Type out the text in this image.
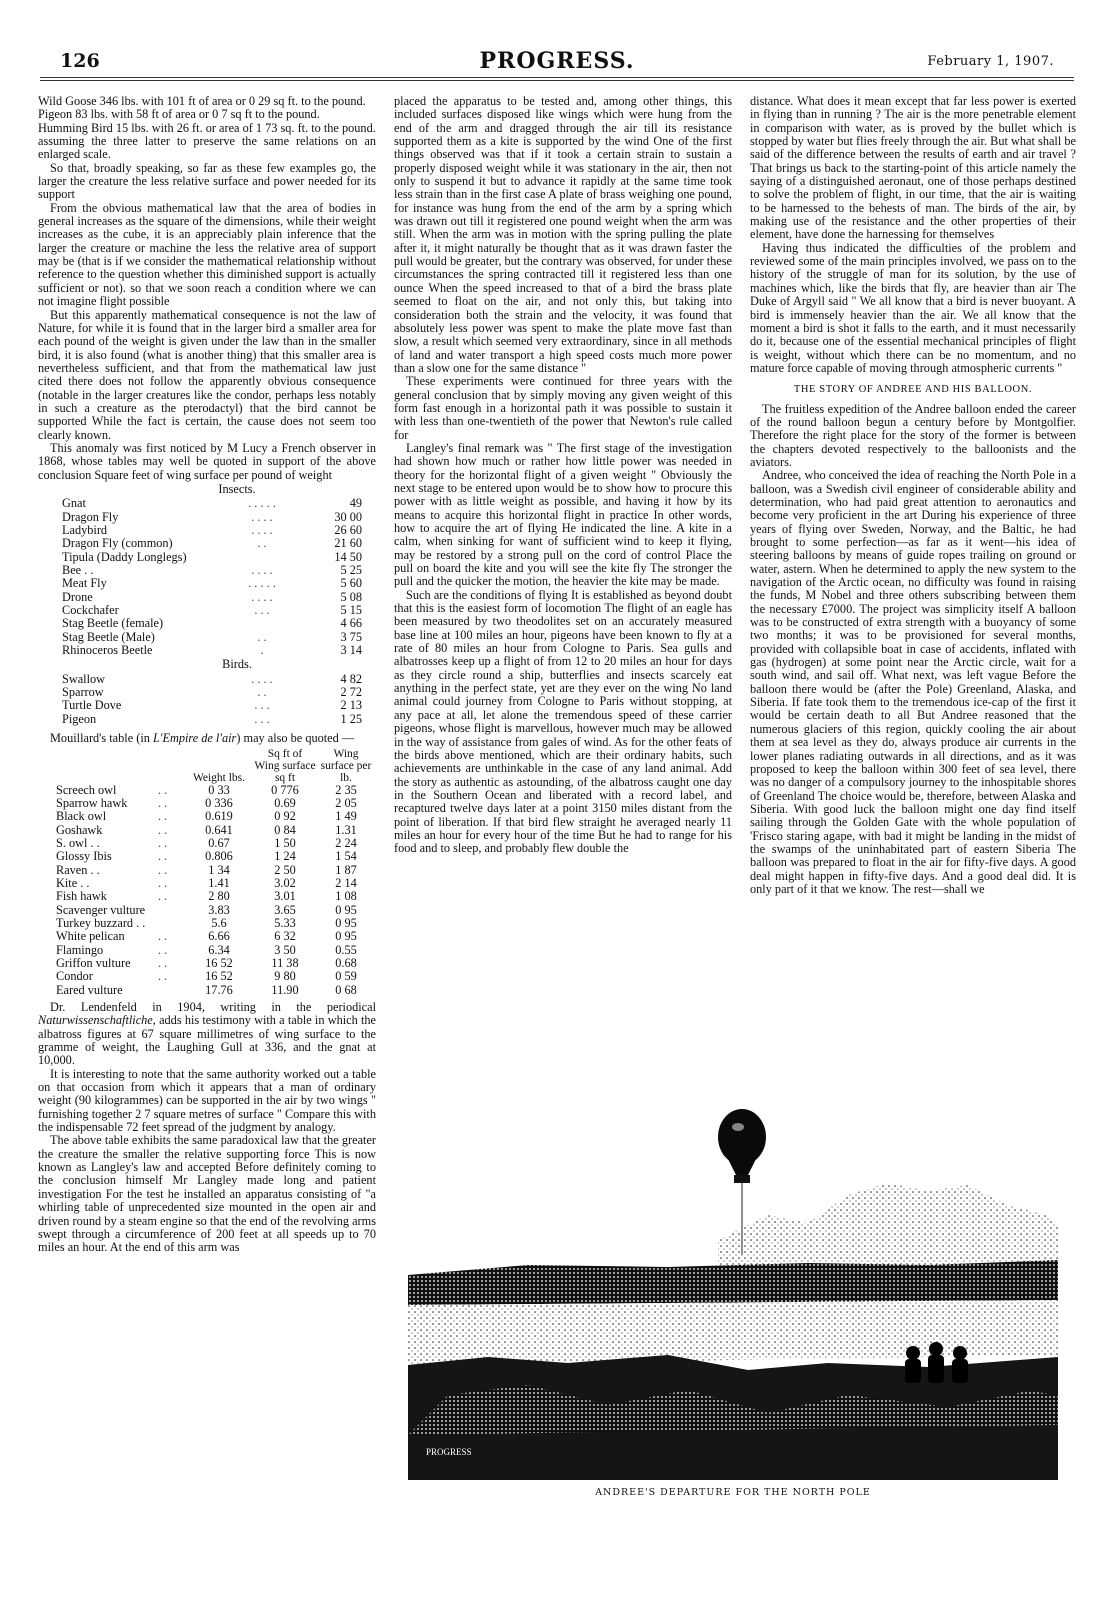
126	PROGRESS.	February 1, 1907.

Wild Goose 346 lbs. with 101 ft of area or 0 29 sq ft. to the pound.

Pigeon 83 lbs. with 58 ft of area or 0 7 sq ft to the pound.

Humming Bird 15 lbs. with 26 ft. or area of 1 73 sq. ft. to the pound.

assuming the three latter to preserve the same relations on an enlarged scale.

So that, broadly speaking, so far as these few examples go, the larger the creature the less relative surface and power needed for its support

From the obvious mathematical law that the area of bodies in general increases as the square of the dimensions, while their weight increases as the cube, it is an appreciably plain inference that the larger the creature or machine the less the relative area of support may be (that is if we consider the mathematical relationship without reference to the question whether this diminished support is actually sufficient or not). so that we soon reach a condition where we can not imagine flight possible

But this apparently mathematical consequence is not the law of Nature, for while it is found that in the larger bird a smaller area for each pound of the weight is given under the law than in the smaller bird, it is also found (what is another thing) that this smaller area is nevertheless sufficient, and that from the mathematical law just cited there does not follow the apparently obvious consequence (notable in the larger creatures like the condor, perhaps less notably in such a creature as the pterodactyl) that the bird cannot be supported While the fact is certain, the cause does not seem too clearly known.

This anomaly was first noticed by M Lucy a French observer in 1868, whose tables may well be quoted in support of the above conclusion Square feet of wing surface per pound of weight

Insects.
Gnat	. . . . .	49
Dragon Fly	. . . .	30 00
Ladybird	. . . .	26 60
Dragon Fly (common)	. .	21 60
Tipula (Daddy Longlegs)		14 50
Bee . .	. . . .	5 25
Meat Fly	. . . . .	5 60
Drone	. . . .	5 08
Cockchafer	. . .	5 15
Stag Beetle (female)		4 66
Stag Beetle (Male)	. .	3 75
Rhinoceros Beetle	.	3 14
Birds.
Swallow	. . . .	4 82
Sparrow	. .	2 72
Turtle Dove	. . .	2 13
Pigeon	. . .	1 25

Mouillard's table (in L'Empire de l'air) may also be quoted —

		Weight lbs.	Sq ft of Wing surface sq ft	Wing surface per lb.
Screech owl	. .	0 33	0 776	2 35
Sparrow hawk	. .	0 336	0.69	2 05
Black owl	. .	0.619	0 92	1 49
Goshawk	. .	0.641	0 84	1.31
S. owl . .	. .	0.67	1 50	2 24
Glossy Ibis	. .	0.806	1 24	1 54
Raven . .	. .	1 34	2 50	1 87
Kite . .	. .	1.41	3.02	2 14
Fish hawk	. .	2 80	3.01	1 08
Scavenger vulture		3.83	3.65	0 95
Turkey buzzard . .		5.6	5.33	0 95
White pelican	. .	6.66	6 32	0 95
Flamingo	. .	6.34	3 50	0.55
Griffon vulture	. .	16 52	11 38	0.68
Condor	. .	16 52	9 80	0 59
Eared vulture		17.76	11.90	0 68

Dr. Lendenfeld in 1904, writing in the periodical Naturwissenschaftliche, adds his testimony with a table in which the albatross figures at 67 square millimetres of wing surface to the gramme of weight, the Laughing Gull at 336, and the gnat at 10,000.

It is interesting to note that the same authority worked out a table on that occasion from which it appears that a man of ordinary weight (90 kilogrammes) can be supported in the air by two wings " furnishing together 2 7 square metres of surface " Compare this with the indispensable 72 feet spread of the judgment by analogy.

The above table exhibits the same paradoxical law that the greater the creature the smaller the relative supporting force This is now known as Langley's law and accepted Before definitely coming to the conclusion himself Mr Langley made long and patient investigation For the test he installed an apparatus consisting of "a whirling table of unprecedented size mounted in the open air and driven round by a steam engine so that the end of the revolving arms swept through a circumference of 200 feet at all speeds up to 70 miles an hour. At the end of this arm was

placed the apparatus to be tested and, among other things, this included surfaces disposed like wings which were hung from the end of the arm and dragged through the air till its resistance supported them as a kite is supported by the wind One of the first things observed was that if it took a certain strain to sustain a properly disposed weight while it was stationary in the air, then not only to suspend it but to advance it rapidly at the same time took less strain than in the first case A plate of brass weighing one pound, for instance was hung from the end of the arm by a spring which was drawn out till it registered one pound weight when the arm was still. When the arm was in motion with the spring pulling the plate after it, it might naturally be thought that as it was drawn faster the pull would be greater, but the contrary was observed, for under these circumstances the spring contracted till it registered less than one ounce When the speed increased to that of a bird the brass plate seemed to float on the air, and not only this, but taking into consideration both the strain and the velocity, it was found that absolutely less power was spent to make the plate move fast than slow, a result which seemed very extraordinary, since in all methods of land and water transport a high speed costs much more power than a slow one for the same distance "

These experiments were continued for three years with the general conclusion that by simply moving any given weight of this form fast enough in a horizontal path it was possible to sustain it with less than one-twentieth of the power that Newton's rule called for

Langley's final remark was " The first stage of the investigation had shown how much or rather how little power was needed in theory for the horizontal flight of a given weight " Obviously the next stage to be entered upon would be to show how to procure this power with as little weight as possible, and having it how by its means to acquire this horizontal flight in practice In other words, how to acquire the art of flying He indicated the line. A kite in a calm, when sinking for want of sufficient wind to keep it flying, may be restored by a strong pull on the cord of control Place the pull on board the kite and you will see the kite fly The stronger the pull and the quicker the motion, the heavier the kite may be made.

Such are the conditions of flying It is established as beyond doubt that this is the easiest form of locomotion The flight of an eagle has been measured by two theodolites set on an accurately measured base line at 100 miles an hour, pigeons have been known to fly at a rate of 80 miles an hour from Cologne to Paris. Sea gulls and albatrosses keep up a flight of from 12 to 20 miles an hour for days as they circle round a ship, butterflies and insects scarcely eat anything in the perfect state, yet are they ever on the wing No land animal could journey from Cologne to Paris without stopping, at any pace at all, let alone the tremendous speed of these carrier pigeons, whose flight is marvellous, however much may be allowed in the way of assistance from gales of wind. As for the other feats of the birds above mentioned, which are their ordinary habits, such achievements are unthinkable in the case of any land animal. Add the story as authentic as astounding, of the albatross caught one day in the Southern Ocean and liberated with a record label, and recaptured twelve days later at a point 3150 miles distant from the point of liberation. If that bird flew straight he averaged nearly 11 miles an hour for every hour of the time But he had to range for his food and to sleep, and probably flew double the

distance. What does it mean except that far less power is exerted in flying than in running ? The air is the more penetrable element in comparison with water, as is proved by the bullet which is stopped by water but flies freely through the air. But what shall be said of the difference between the results of earth and air travel ? That brings us back to the starting-point of this article namely the saying of a distinguished aeronaut, one of those perhaps destined to solve the problem of flight, in our time, that the air is waiting to be harnessed to the behests of man. The birds of the air, by making use of the resistance and the other properties of their element, have done the harnessing for themselves

Having thus indicated the difficulties of the problem and reviewed some of the main principles involved, we pass on to the history of the struggle of man for its solution, by the use of machines which, like the birds that fly, are heavier than air The Duke of Argyll said " We all know that a bird is never buoyant. A bird is immensely heavier than the air. We all know that the moment a bird is shot it falls to the earth, and it must necessarily do it, because one of the essential mechanical principles of flight is weight, without which there can be no momentum, and no mature force capable of moving through atmospheric currents "

THE STORY OF ANDREE AND HIS BALLOON.

The fruitless expedition of the Andree balloon ended the career of the round balloon begun a century before by Montgolfier. Therefore the right place for the story of the former is between the chapters devoted respectively to the balloonists and the aviators.

Andree, who conceived the idea of reaching the North Pole in a balloon, was a Swedish civil engineer of considerable ability and determination, who had paid great attention to aeronautics and become very proficient in the art During his experience of three years of flying over Sweden, Norway, and the Baltic, he had brought to some perfection—as far as it went—his idea of steering balloons by means of guide ropes trailing on ground or water, astern. When he determined to apply the new system to the navigation of the Arctic ocean, no difficulty was found in raising the funds, M Nobel and three others subscribing between them the necessary £7000. The project was simplicity itself A balloon was to be constructed of extra strength with a buoyancy of some two months; it was to be provisioned for several months, provided with collapsible boat in case of accidents, inflated with gas (hydrogen) at some point near the Arctic circle, wait for a south wind, and sail off. What next, was left vague Before the balloon there would be (after the Pole) Greenland, Alaska, and Siberia. If fate took them to the tremendous ice-cap of the first it would be certain death to all But Andree reasoned that the numerous glaciers of this region, quickly cooling the air about them at sea level as they do, always produce air currents in the lower planes radiating outwards in all directions, and as it was proposed to keep the balloon within 300 feet of sea level, there was no danger of a compulsory journey to the inhospitable shores of Greenland The choice would be, therefore, between Alaska and Siberia. With good luck the balloon might one day find itself sailing through the Golden Gate with the whole population of 'Frisco staring agape, with bad it might be landing in the midst of the swamps of the uninhabitated part of eastern Siberia The balloon was prepared to float in the air for fifty-five days. A good deal might happen in fifty-five days. And a good deal did. It is only part of it that we know. The rest—shall we

PROGRESS
ANDREE'S DEPARTURE FOR THE NORTH POLE
